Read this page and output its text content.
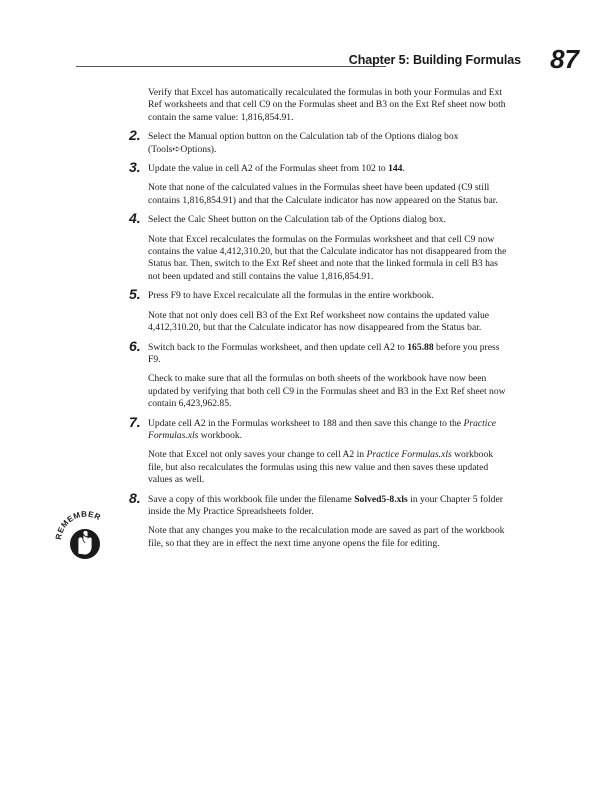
Chapter 5: Building Formulas 87

Verify that Excel has automatically recalculated the formulas in both your Formulas and Ext Ref worksheets and that cell C9 on the Formulas sheet and B3 on the Ext Ref sheet now both contain the same value: 1,816,854.91.

2. Select the Manual option button on the Calculation tab of the Options dialog box (Tools➪Options).

3. Update the value in cell A2 of the Formulas sheet from 102 to 144.

Note that none of the calculated values in the Formulas sheet have been updated (C9 still contains 1,816,854.91) and that the Calculate indicator has now appeared on the Status bar.

4. Select the Calc Sheet button on the Calculation tab of the Options dialog box.

Note that Excel recalculates the formulas on the Formulas worksheet and that cell C9 now contains the value 4,412,310.20, but that the Calculate indicator has not disappeared from the Status bar. Then, switch to the Ext Ref sheet and note that the linked formula in cell B3 has not been updated and still contains the value 1,816,854.91.

5. Press F9 to have Excel recalculate all the formulas in the entire workbook.

Note that not only does cell B3 of the Ext Ref worksheet now contains the updated value 4,412,310.20, but that the Calculate indicator has now disappeared from the Status bar.

6. Switch back to the Formulas worksheet, and then update cell A2 to 165.88 before you press F9.

Check to make sure that all the formulas on both sheets of the workbook have now been updated by verifying that both cell C9 in the Formulas sheet and B3 in the Ext Ref sheet now contain 6,423,962.85.

7. Update cell A2 in the Formulas worksheet to 188 and then save this change to the Practice Formulas.xls workbook.

Note that Excel not only saves your change to cell A2 in Practice Formulas.xls workbook file, but also recalculates the formulas using this new value and then saves these updated values as well.

8. Save a copy of this workbook file under the filename Solved5-8.xls in your Chapter 5 folder inside the My Practice Spreadsheets folder.

Note that any changes you make to the recalculation mode are saved as part of the workbook file, so that they are in effect the next time anyone opens the file for editing.

REMEMBER
